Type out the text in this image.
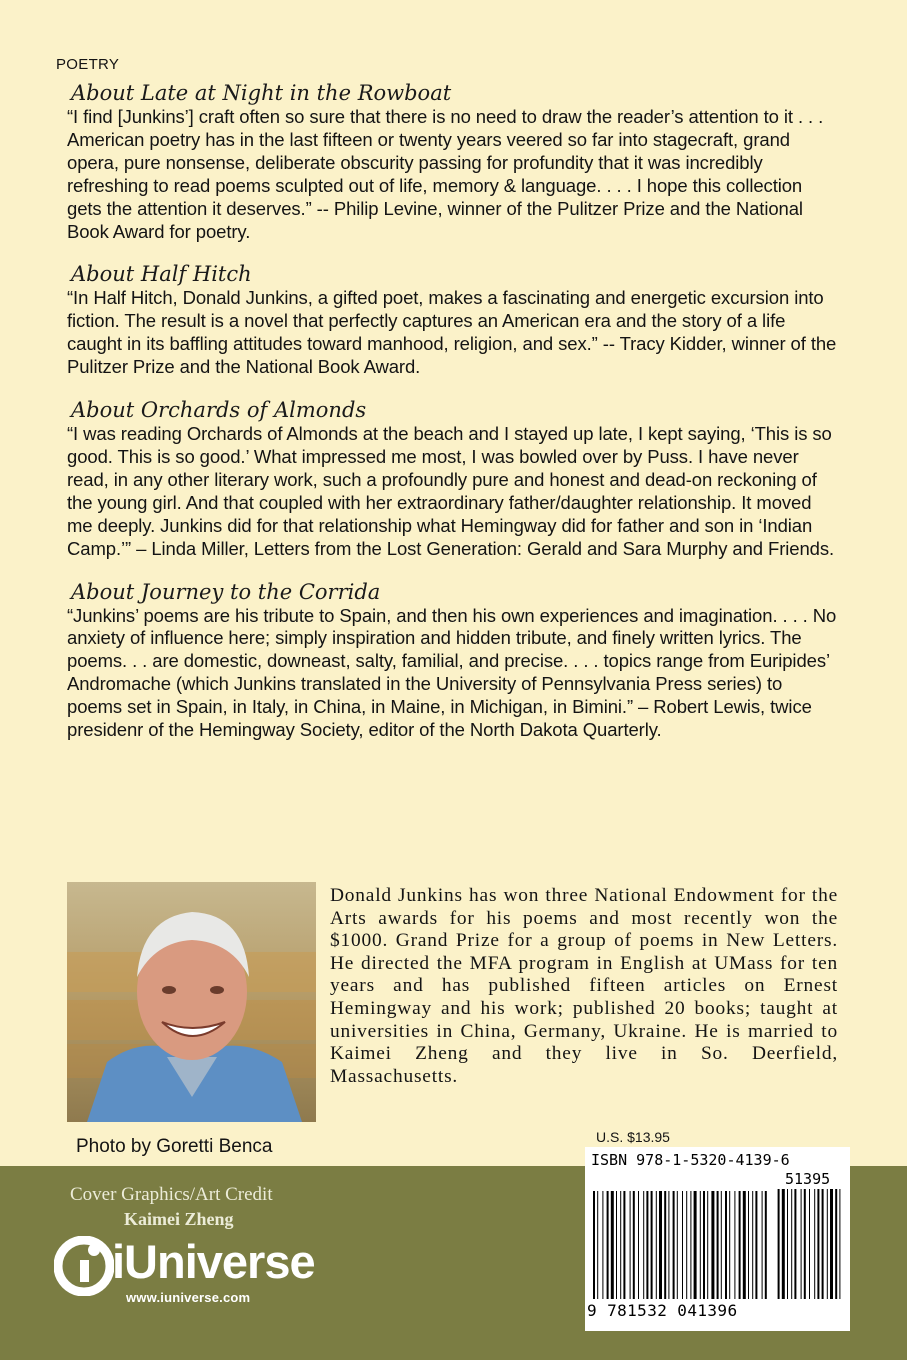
POETRY
About Late at Night in the Rowboat
“I find [Junkins’] craft often so sure that there is no need to draw the reader’s attention to it . . . American poetry has in the last fifteen or twenty years veered so far into stagecraft, grand opera, pure nonsense, deliberate obscurity passing for profundity that it was incredibly refreshing to read poems sculpted out of life, memory & language. . . . I hope this collection gets the attention it deserves.” -- Philip Levine, winner of the Pulitzer Prize and the National Book Award for poetry.
About Half Hitch
“In Half Hitch, Donald Junkins, a gifted poet, makes a fascinating and energetic excursion into fiction. The result is a novel that perfectly captures an American era and the story of a life caught in its baffling attitudes toward manhood, religion, and sex.” -- Tracy Kidder, winner of the Pulitzer Prize and the National Book Award.
About Orchards of Almonds
“I was reading Orchards of Almonds at the beach and I stayed up late, I kept saying, ‘This is so good. This is so good.’ What impressed me most, I was bowled over by Puss. I have never read, in any other literary work, such a profoundly pure and honest and dead-on reckoning of the young girl. And that coupled with her extraordinary father/daughter relationship. It moved me deeply. Junkins did for that relationship what Hemingway did for father and son in ‘Indian Camp.’” – Linda Miller, Letters from the Lost Generation: Gerald and Sara Murphy and Friends.
About Journey to the Corrida
“Junkins’ poems are his tribute to Spain, and then his own experiences and imagination. . . . No anxiety of influence here; simply inspiration and hidden tribute, and finely written lyrics. The poems. . . are domestic, downeast, salty, familial, and precise. . . . topics range from Euripides’ Andromache (which Junkins translated in the University of Pennsylvania Press series) to poems set in Spain, in Italy, in China, in Maine, in Michigan, in Bimini.” – Robert Lewis, twice presidenr of the Hemingway Society, editor of the North Dakota Quarterly.
Photo by Goretti Benca
Donald Junkins has won three National Endowment for the Arts awards for his poems and most recently won the $1000. Grand Prize for a group of poems in New Letters. He directed the MFA program in English at UMass for ten years and has published fifteen articles on Ernest Hemingway and his work; published 20 books; taught at universities in China, Germany, Ukraine. He is married to Kaimei Zheng and they live in So. Deerfield, Massachusetts.
U.S. $13.95
Cover Graphics/Art Credit
Kaimei Zheng
iUniverse
www.iuniverse.com
ISBN 978-1-5320-4139-6
51395
9 781532 041396
